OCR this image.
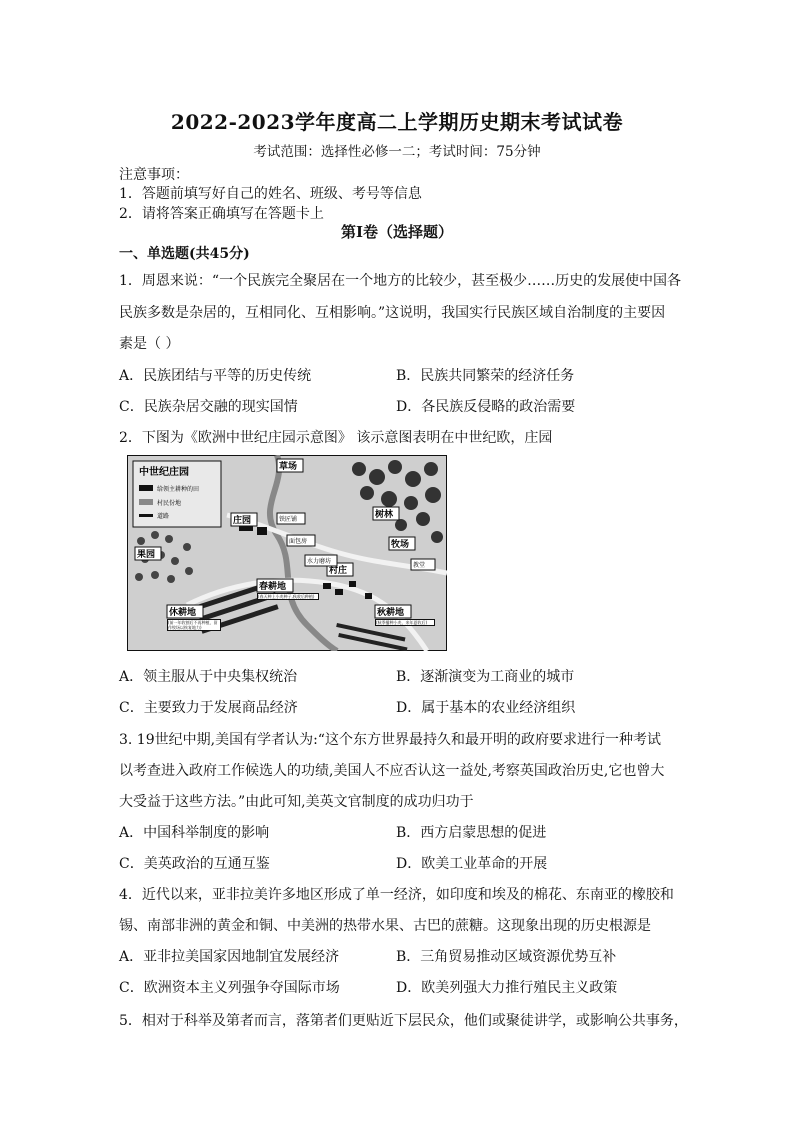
2022-2023学年度高二上学期历史期末考试试卷
考试范围：选择性必修一二；考试时间：75分钟
注意事项：
1．答题前填写好自己的姓名、班级、考号等信息
2．请将答案正确填写在答题卡上
第Ⅰ卷（选择题）
一、单选题(共45分)
1．周恩来说：“一个民族完全聚居在一个地方的比较少，甚至极少……历史的发展使中国各
民族多数是杂居的，互相同化、互相影响。”这说明，我国实行民族区域自治制度的主要因
素是（ ）
A．民族团结与平等的历史传统	B．民族共同繁荣的经济任务
C．民族杂居交融的现实国情	D．各民族反侵略的政治需要
2．下图为《欧洲中世纪庄园示意图》 该示意图表明在中世纪欧，庄园
中世纪庄园
给领主耕种的田
村民份地
道路
草场
庄园
树林
牧场
果园
村庄
春耕地
休耕地	秋耕地
铁匠铺
面包房
水力磨坊
教堂
(春天种上小麦种子,秋收后种植)
(前一年收割后不再种植，留作牧场以恢复地力)
(秋季播种小麦，来年夏收后)
A．领主服从于中央集权统治	B．逐渐演变为工商业的城市
C．主要致力于发展商品经济	D．属于基本的农业经济组织
3. 19世纪中期,美国有学者认为:“这个东方世界最持久和最开明的政府要求进行一种考试
以考查进入政府工作候选人的功绩,美国人不应否认这一益处,考察英国政治历史,它也曾大
大受益于这些方法。”由此可知,美英文官制度的成功归功于
A．中国科举制度的影响	B．西方启蒙思想的促进
C．美英政治的互通互鉴	D．欧美工业革命的开展
4．近代以来，亚非拉美许多地区形成了单一经济，如印度和埃及的棉花、东南亚的橡胶和
锡、南部非洲的黄金和铜、中美洲的热带水果、古巴的蔗糖。这现象出现的历史根源是
A．亚非拉美国家因地制宜发展经济	B．三角贸易推动区域资源优势互补
C．欧洲资本主义列强争夺国际市场	D．欧美列强大力推行殖民主义政策
5．相对于科举及第者而言，落第者们更贴近下层民众，他们或聚徒讲学，或影响公共事务，
